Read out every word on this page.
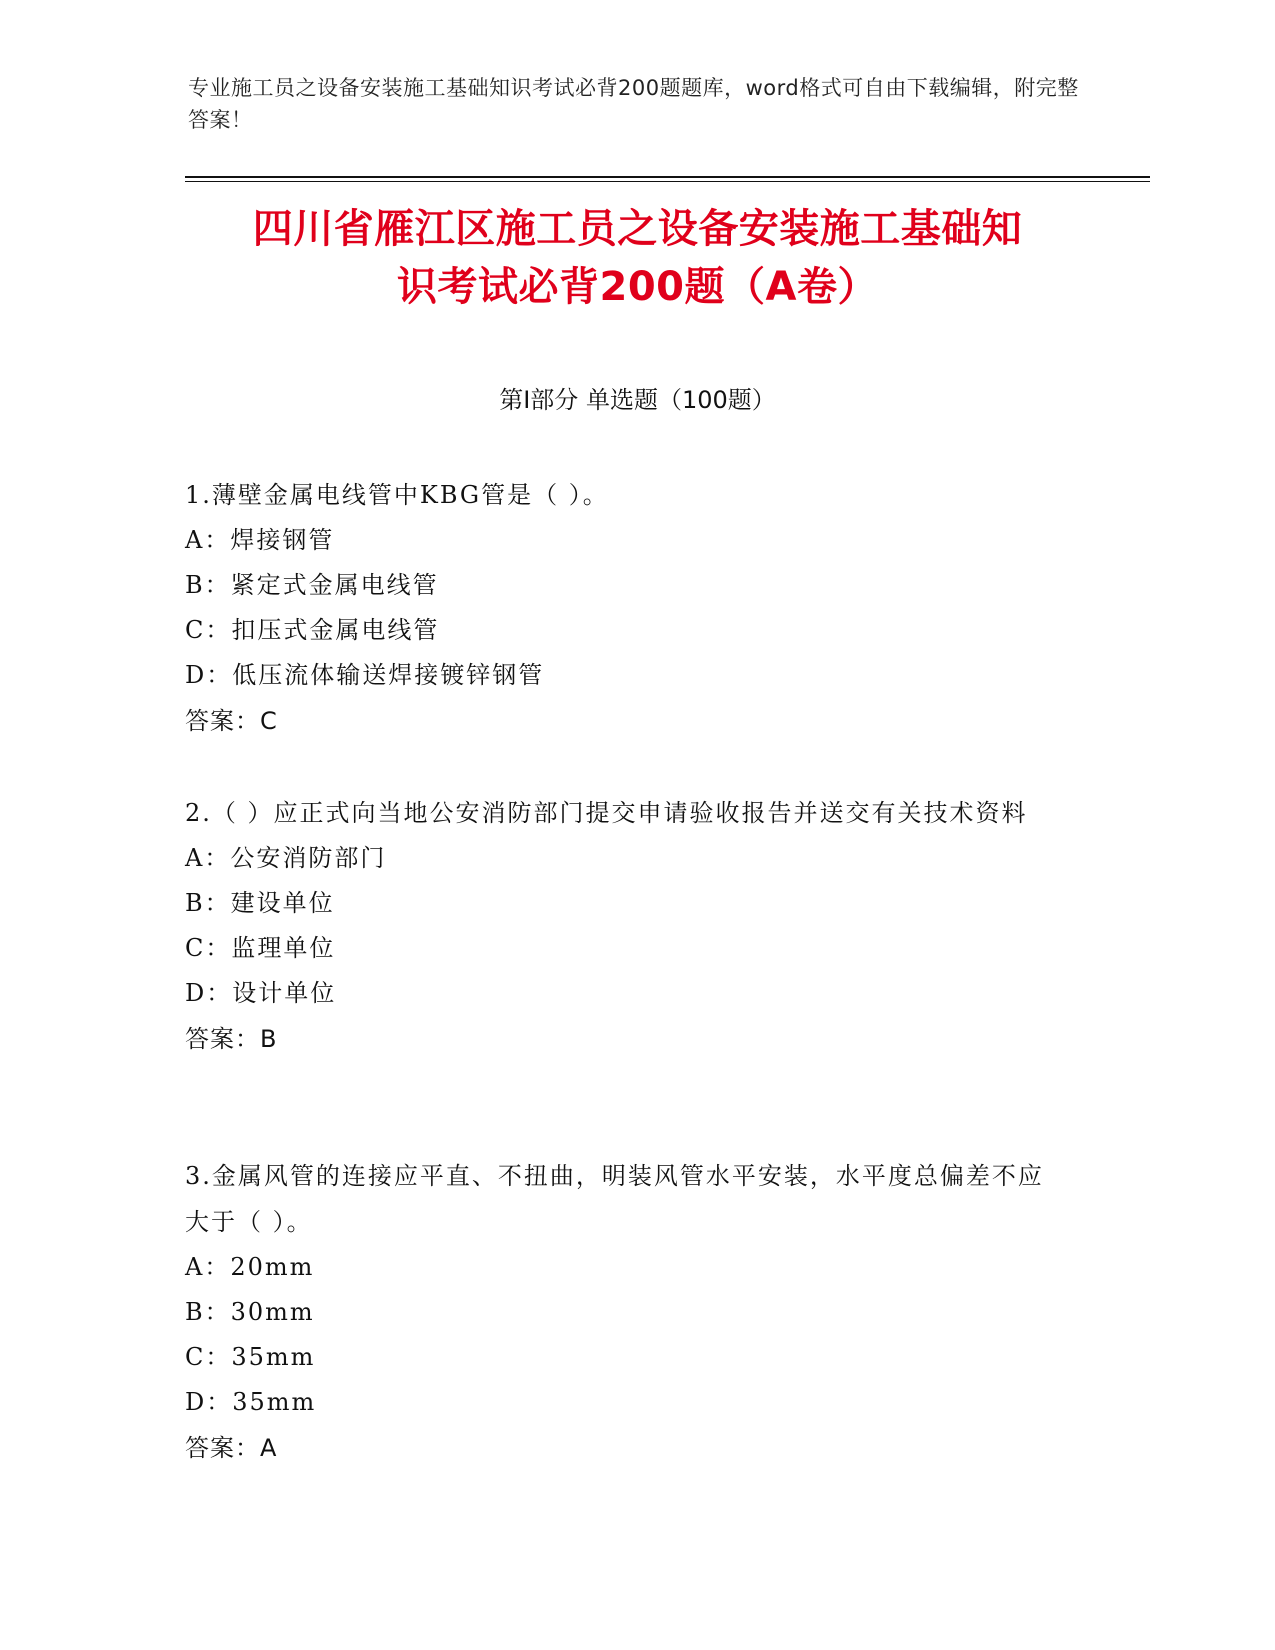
专业施工员之设备安装施工基础知识考试必背200题题库，word格式可自由下载编辑，附完整答案！
四川省雁江区施工员之设备安装施工基础知
识考试必背200题（A卷）
第Ⅰ部分 单选题（100题）
1.薄壁金属电线管中KBG管是（ ）。
A：焊接钢管
B：紧定式金属电线管
C：扣压式金属电线管
D：低压流体输送焊接镀锌钢管
答案：C
2.（ ）应正式向当地公安消防部门提交申请验收报告并送交有关技术资料
A：公安消防部门
B：建设单位
C：监理单位
D：设计单位
答案：B
3.金属风管的连接应平直、不扭曲，明装风管水平安装，水平度总偏差不应大于（ ）。
A：20mm
B：30mm
C：35mm
D：35mm
答案：A
